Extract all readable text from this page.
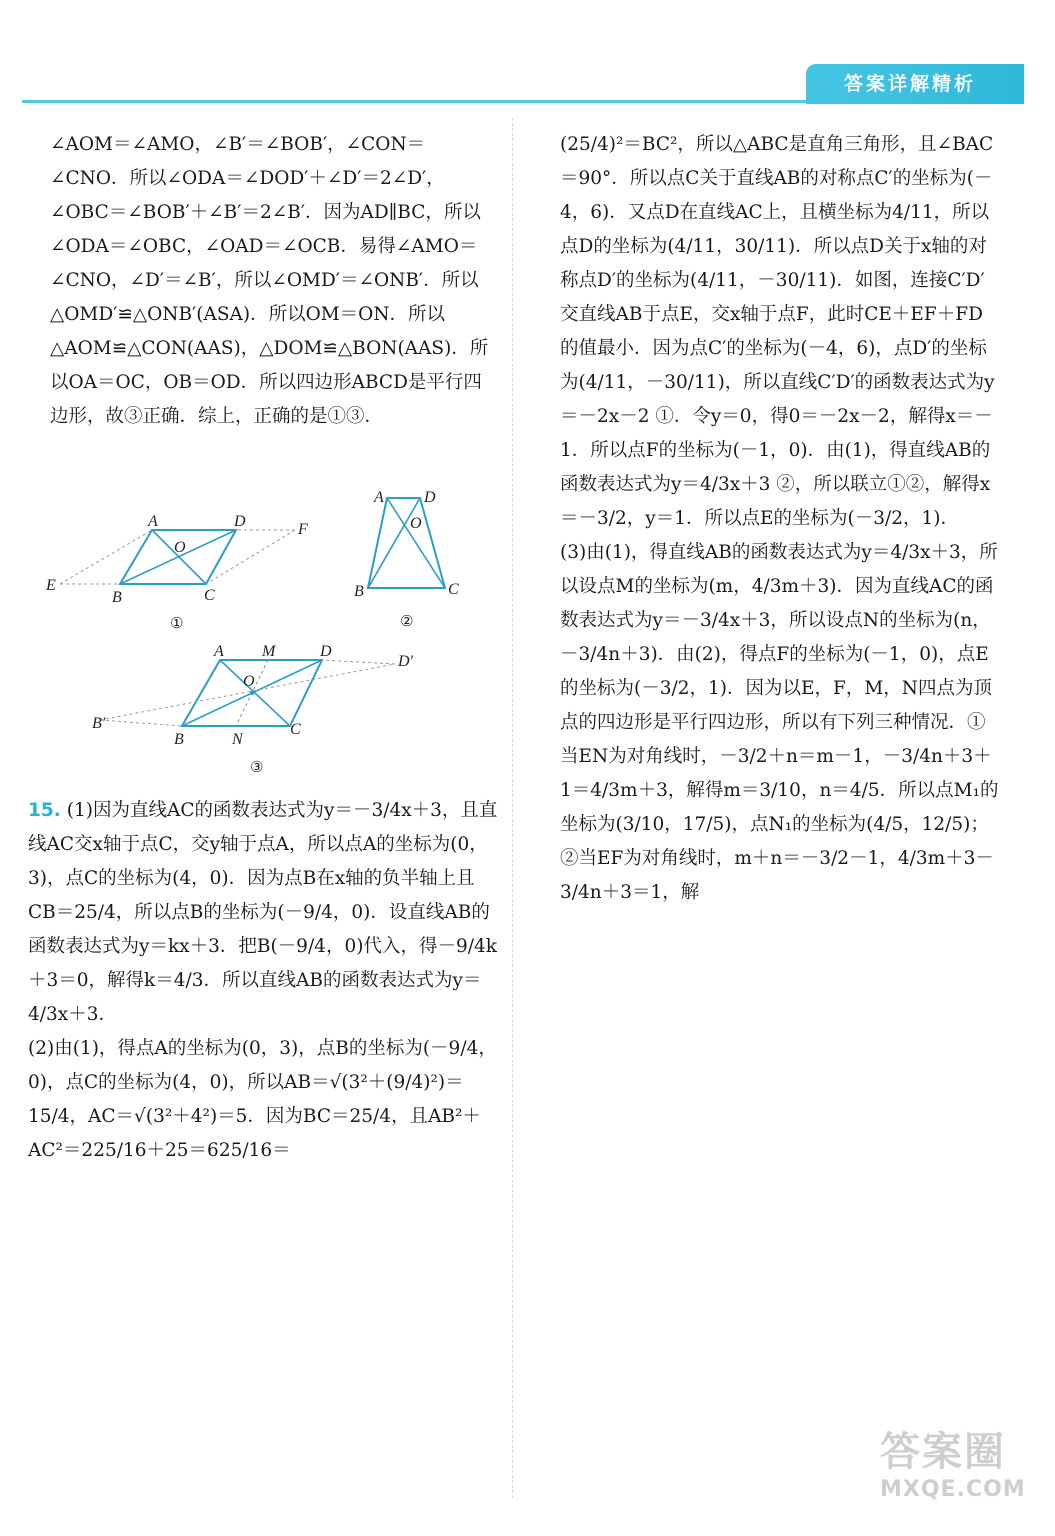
答案详解精析

∠AOM＝∠AMO，∠B′＝∠BOB′，∠CON＝∠CNO．所以∠ODA＝∠DOD′＋∠D′＝2∠D′，∠OBC＝∠BOB′＋∠B′＝2∠B′．因为AD∥BC，所以∠ODA＝∠OBC，∠OAD＝∠OCB．易得∠AMO＝∠CNO，∠D′＝∠B′，所以∠OMD′＝∠ONB′．所以△OMD′≌△ONB′(ASA)．所以OM＝ON．所以△AOM≌△CON(AAS)，△DOM≌△BON(AAS)．所以OA＝OC，OB＝OD．所以四边形ABCD是平行四边形，故③正确．综上，正确的是①③．

A	D	F
O
E
B	C
①
A	D
O
B	C
②
A M	D
D′
O
B′
B	N
C
③

15. (1)因为直线AC的函数表达式为y＝－3/4x＋3，且直线AC交x轴于点C，交y轴于点A，所以点A的坐标为(0，3)，点C的坐标为(4，0)．因为点B在x轴的负半轴上且CB＝25/4，所以点B的坐标为(－9/4，0)．设直线AB的函数表达式为y＝kx＋3．把B(－9/4，0)代入，得－9/4k＋3＝0，解得k＝4/3．所以直线AB的函数表达式为y＝4/3x＋3．

(2)由(1)，得点A的坐标为(0，3)，点B的坐标为(－9/4，0)，点C的坐标为(4，0)，所以AB＝√(3²＋(9/4)²)＝15/4，AC＝√(3²＋4²)＝5．因为BC＝25/4，且AB²＋AC²＝225/16＋25＝625/16＝

(25/4)²＝BC²，所以△ABC是直角三角形，且∠BAC＝90°．所以点C关于直线AB的对称点C′的坐标为(－4，6)．又点D在直线AC上，且横坐标为4/11，所以点D的坐标为(4/11，30/11)．所以点D关于x轴的对称点D′的坐标为(4/11，－30/11)．如图，连接C′D′交直线AB于点E，交x轴于点F，此时CE＋EF＋FD的值最小．因为点C′的坐标为(－4，6)，点D′的坐标为(4/11，－30/11)，所以直线C′D′的函数表达式为y＝－2x－2 ①．令y＝0，得0＝－2x－2，解得x＝－1．所以点F的坐标为(－1，0)．由(1)，得直线AB的函数表达式为y＝4/3x＋3 ②，所以联立①②，解得x＝－3/2，y＝1．所以点E的坐标为(－3/2，1)．

(3)由(1)，得直线AB的函数表达式为y＝4/3x＋3，所以设点M的坐标为(m，4/3m＋3)．因为直线AC的函数表达式为y＝－3/4x＋3，所以设点N的坐标为(n，－3/4n＋3)．由(2)，得点F的坐标为(－1，0)，点E的坐标为(－3/2，1)．因为以E，F，M，N四点为顶点的四边形是平行四边形，所以有下列三种情况．①当EN为对角线时，－3/2＋n＝m－1，－3/4n＋3＋1＝4/3m＋3，解得m＝3/10，n＝4/5．所以点M₁的坐标为(3/10，17/5)，点N₁的坐标为(4/5，12/5)；②当EF为对角线时，m＋n＝－3/2－1，4/3m＋3－3/4n＋3＝1，解

答案圈
MXQE.COM
